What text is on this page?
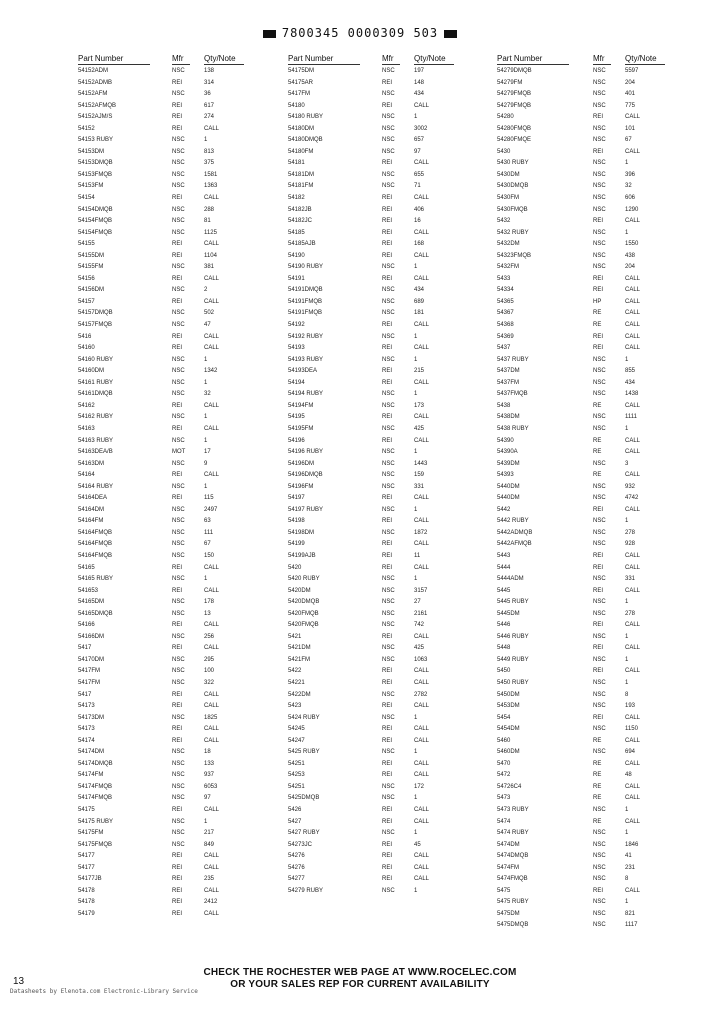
7800345 0000309 503
Part Number	Mfr	Qty/Note
54152ADM	NSC	138
54152ADMB	REI	314
54152AFM	NSC	36
54152AFMQB	REI	617
54152AJM/S	REI	274
54152	REI	CALL
54153 RUBY	NSC	1
54153DM	NSC	813
54153DMQB	NSC	375
54153FMQB	NSC	1581
54153FM	NSC	1363
54154	REI	CALL
54154DMQB	NSC	288
54154FMQB	NSC	81
54154FMQB	NSC	1125
54155	REI	CALL
54155DM	REI	1104
54155FM	NSC	381
54156	REI	CALL
54156DM	NSC	2
54157	REI	CALL
54157DMQB	NSC	502
54157FMQB	NSC	47
5416	REI	CALL
54160	REI	CALL
54160 RUBY	NSC	1
54160DM	NSC	1342
54161 RUBY	NSC	1
54161DMQB	NSC	32
54162	REI	CALL
54162 RUBY	NSC	1
54163	REI	CALL
54163 RUBY	NSC	1
54163DEA/B	MOT	17
54163DM	NSC	9
54164	REI	CALL
54164 RUBY	NSC	1
54164DEA	REI	115
54164DM	NSC	2497
54164FM	NSC	63
54164FMQB	NSC	111
54164FMQB	NSC	67
54164FMQB	NSC	150
54165	REI	CALL
54165 RUBY	NSC	1
541653	REI	CALL
54165DM	NSC	178
54165DMQB	NSC	13
54166	REI	CALL
54166DM	NSC	256
5417	REI	CALL
54170DM	NSC	295
5417FM	NSC	100
5417FM	NSC	322
5417	REI	CALL
54173	REI	CALL
54173DM	NSC	1825
54173	REI	CALL
54174	REI	CALL
54174DM	NSC	18
54174DMQB	NSC	133
54174FM	NSC	937
54174FMQB	NSC	6053
54174FMQB	NSC	97
54175	REI	CALL
54175 RUBY	NSC	1
54175FM	NSC	217
54175FMQB	NSC	849
54177	REI	CALL
54177	REI	CALL
54177JB	REI	235
54178	REI	CALL
54178	REI	2412
54179	REI	CALL
Part Number	Mfr	Qty/Note
54175DM	NSC	197
54175AR	REI	148
5417FM	NSC	434
54180	REI	CALL
54180 RUBY	NSC	1
54180DM	NSC	3002
54180DMQB	NSC	657
54180FM	NSC	97
54181	REI	CALL
54181DM	NSC	655
54181FM	NSC	71
54182	REI	CALL
54182JB	REI	406
54182JC	REI	16
54185	REI	CALL
54185AJB	REI	168
54190	REI	CALL
54190 RUBY	NSC	1
54191	REI	CALL
54191DMQB	NSC	434
54191FMQB	NSC	689
54191FMQB	NSC	181
54192	REI	CALL
54192 RUBY	NSC	1
54193	REI	CALL
54193 RUBY	NSC	1
54193DEA	REI	215
54194	REI	CALL
54194 RUBY	NSC	1
54194FM	NSC	173
54195	REI	CALL
54195FM	NSC	425
54196	REI	CALL
54196 RUBY	NSC	1
54196DM	NSC	1443
54196DMQB	NSC	159
54196FM	NSC	331
54197	REI	CALL
54197 RUBY	NSC	1
54198	REI	CALL
54198DM	NSC	1872
54199	REI	CALL
54199AJB	REI	11
5420	REI	CALL
5420 RUBY	NSC	1
5420DM	NSC	3157
5420DMQB	NSC	27
5420FMQB	NSC	2161
5420FMQB	NSC	742
5421	REI	CALL
5421DM	NSC	425
5421FM	NSC	1063
5422	REI	CALL
54221	REI	CALL
5422DM	NSC	2782
5423	REI	CALL
5424 RUBY	NSC	1
54245	REI	CALL
54247	REI	CALL
5425 RUBY	NSC	1
54251	REI	CALL
54253	REI	CALL
54251	NSC	172
5425DMQB	NSC	1
5426	REI	CALL
5427	REI	CALL
5427 RUBY	NSC	1
54273JC	REI	45
54276	REI	CALL
54276	REI	CALL
54277	REI	CALL
54279 RUBY	NSC	1
Part Number	Mfr	Qty/Note
54279DMQB	NSC	5597
54279FM	NSC	204
54279FMQB	NSC	401
54279FMQB	NSC	775
54280	REI	CALL
54280FMQB	NSC	101
54280FMQE	NSC	67
5430	REI	CALL
5430 RUBY	NSC	1
5430DM	NSC	396
5430DMQB	NSC	32
5430FM	NSC	606
5430FMQB	NSC	1290
5432	REI	CALL
5432 RUBY	NSC	1
5432DM	NSC	1550
54323FMQB	NSC	438
5432FM	NSC	204
5433	REI	CALL
54334	REI	CALL
54365	HP	CALL
54367	RE	CALL
54368	RE	CALL
54369	REI	CALL
5437	REI	CALL
5437 RUBY	NSC	1
5437DM	NSC	855
5437FM	NSC	434
5437FMQB	NSC	1438
5438	RE	CALL
5438DM	NSC	1111
5438 RUBY	NSC	1
54390	RE	CALL
54390A	RE	CALL
5439DM	NSC	3
54393	RE	CALL
5440DM	NSC	932
5440DM	NSC	4742
5442	REI	CALL
5442 RUBY	NSC	1
5442ADMQB	NSC	278
5442AFMQB	NSC	928
5443	REI	CALL
5444	REI	CALL
5444ADM	NSC	331
5445	REI	CALL
5445 RUBY	NSC	1
5445DM	NSC	278
5446	REI	CALL
5446 RUBY	NSC	1
5448	REI	CALL
5449 RUBY	NSC	1
5450	REI	CALL
5450 RUBY	NSC	1
5450DM	NSC	8
5453DM	NSC	193
5454	REI	CALL
5454DM	NSC	1150
5460	RE	CALL
5460DM	NSC	694
5470	RE	CALL
5472	RE	48
54726C4	RE	CALL
5473	RE	CALL
5473 RUBY	NSC	1
5474	RE	CALL
5474 RUBY	NSC	1
5474DM	NSC	1846
5474DMQB	NSC	41
5474FM	NSC	231
5474FMQB	NSC	8
5475	REI	CALL
5475 RUBY	NSC	1
5475DM	NSC	821
5475DMQB	NSC	1117
CHECK THE ROCHESTER WEB PAGE AT WWW.ROCELEC.COM
OR YOUR SALES REP FOR CURRENT AVAILABILITY
13
Datasheets by Elenota.com Electronic-Library Service
